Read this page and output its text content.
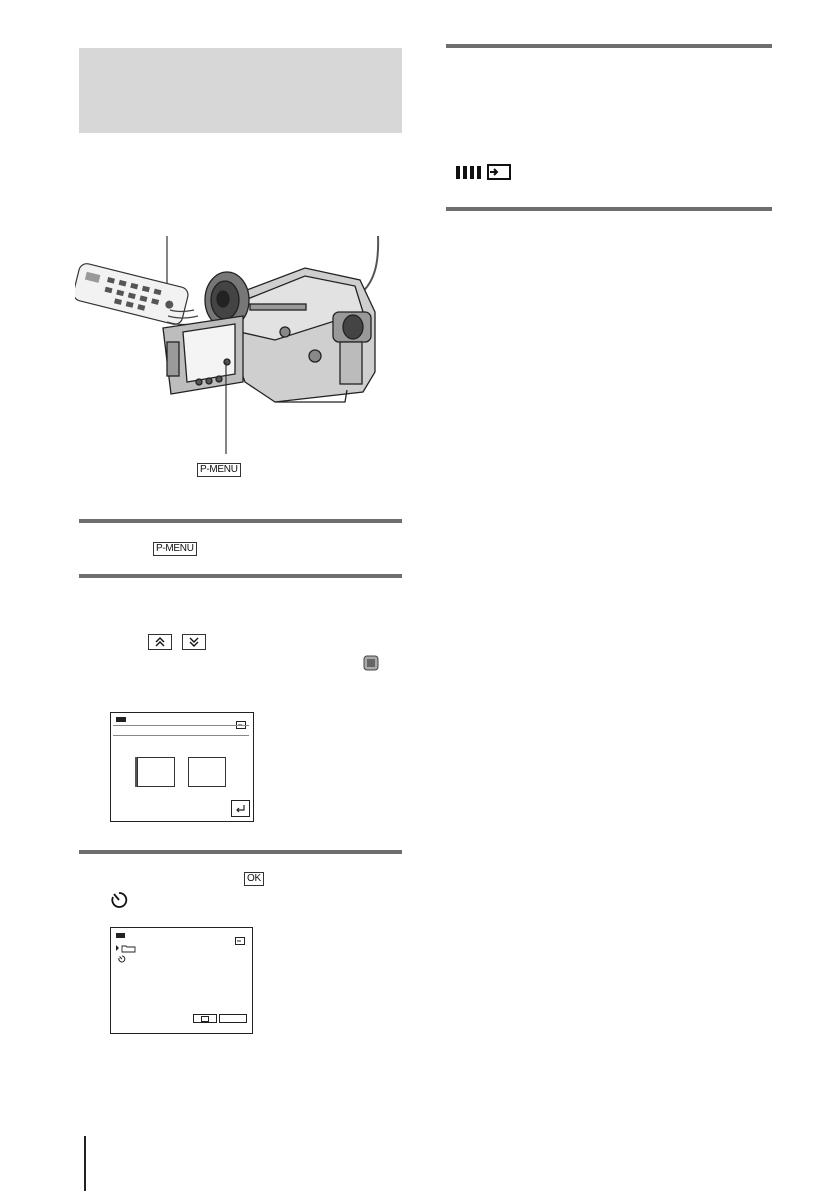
P-MENU
P-MENU
OK
